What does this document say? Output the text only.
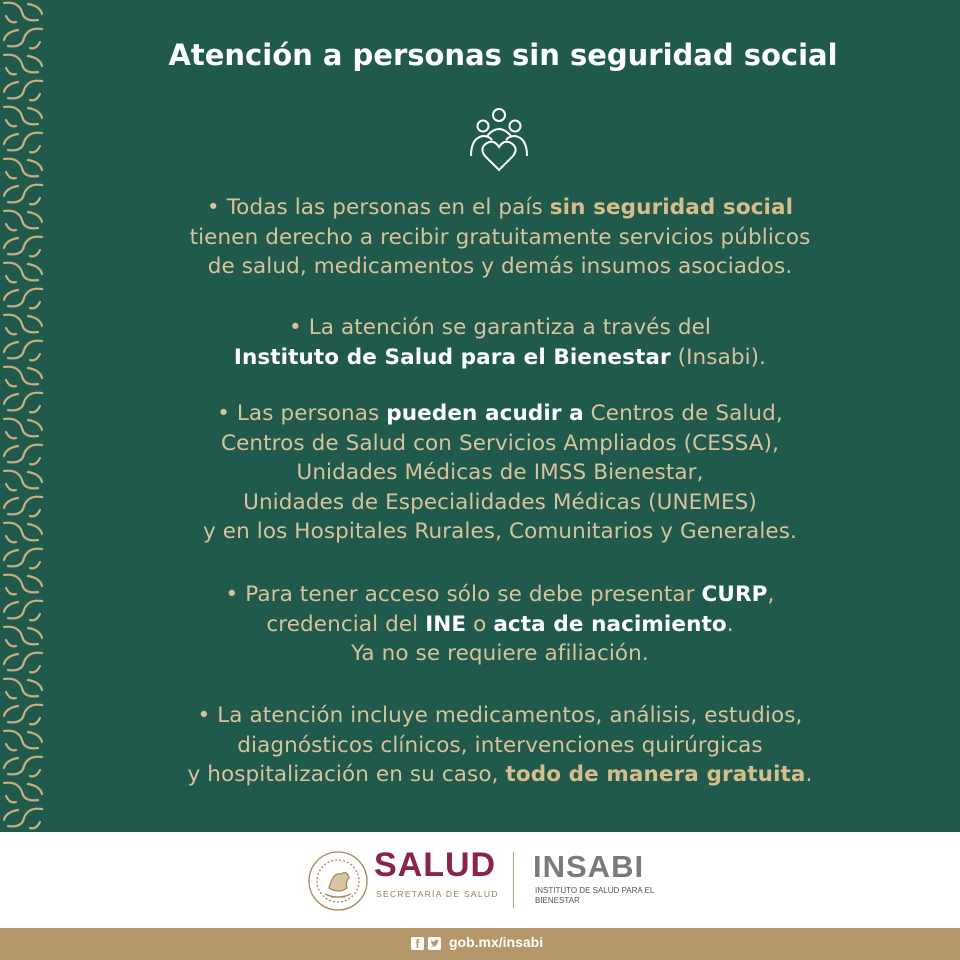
Atención a personas sin seguridad social
• Todas las personas en el país sin seguridad social
tienen derecho a recibir gratuitamente servicios públicos
de salud, medicamentos y demás insumos asociados.
• La atención se garantiza a través del
Instituto de Salud para el Bienestar (Insabi).
• Las personas pueden acudir a Centros de Salud,
Centros de Salud con Servicios Ampliados (CESSA),
Unidades Médicas de IMSS Bienestar,
Unidades de Especialidades Médicas (UNEMES)
y en los Hospitales Rurales, Comunitarios y Generales.
• Para tener acceso sólo se debe presentar CURP,
credencial del INE o acta de nacimiento.
Ya no se requiere afiliación.
• La atención incluye medicamentos, análisis, estudios,
diagnósticos clínicos, intervenciones quirúrgicas
y hospitalización en su caso, todo de manera gratuita.

SALUD

SECRETARÍA DE SALUD

INSABI

INSTITUTO DE SALUD PARA EL BIENESTAR

f	gob.mx/insabi
